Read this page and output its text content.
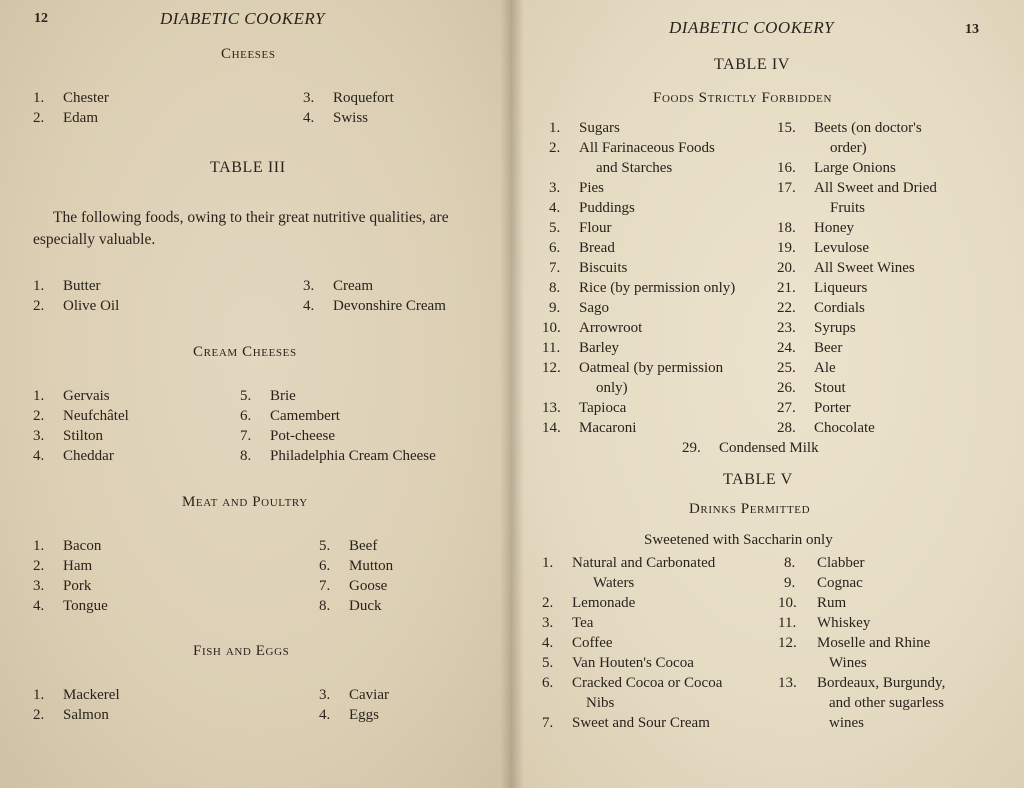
12	DIABETIC COOKERY
Cheeses
1. Chester
2. Edam
3. Roquefort
4. Swiss
TABLE III
The following foods, owing to their great nutritive qualities, are especially valuable.
1. Butter
2. Olive Oil
3. Cream
4. Devonshire Cream
Cream Cheeses
1. Gervais
2. Neufchâtel
3. Stilton
4. Cheddar
5. Brie
6. Camembert
7. Pot-cheese
8. Philadelphia Cream Cheese
Meat and Poultry
1. Bacon
2. Ham
3. Pork
4. Tongue
5. Beef
6. Mutton
7. Goose
8. Duck
Fish and Eggs
1. Mackerel
2. Salmon
3. Caviar
4. Eggs
DIABETIC COOKERY	13
TABLE IV
Foods Strictly Forbidden
1. Sugars
2. All Farinaceous Foods
and Starches
3. Pies
4. Puddings
5. Flour
6. Bread
7. Biscuits
8. Rice (by permission only)
9. Sago
10. Arrowroot
11. Barley
12. Oatmeal (by permission
only)
13. Tapioca
14. Macaroni
15. Beets (on doctor's
order)
16. Large Onions
17. All Sweet and Dried
Fruits
18. Honey
19. Levulose
20. All Sweet Wines
21. Liqueurs
22. Cordials
23. Syrups
24. Beer
25. Ale
26. Stout
27. Porter
28. Chocolate
29. Condensed Milk
TABLE V
Drinks Permitted
Sweetened with Saccharin only
1. Natural and Carbonated
Waters
2. Lemonade
3. Tea
4. Coffee
5. Van Houten's Cocoa
6. Cracked Cocoa or Cocoa
Nibs
7. Sweet and Sour Cream
8. Clabber
9. Cognac
10. Rum
11. Whiskey
12. Moselle and Rhine
Wines
13. Bordeaux, Burgundy,
and other sugarless
wines
